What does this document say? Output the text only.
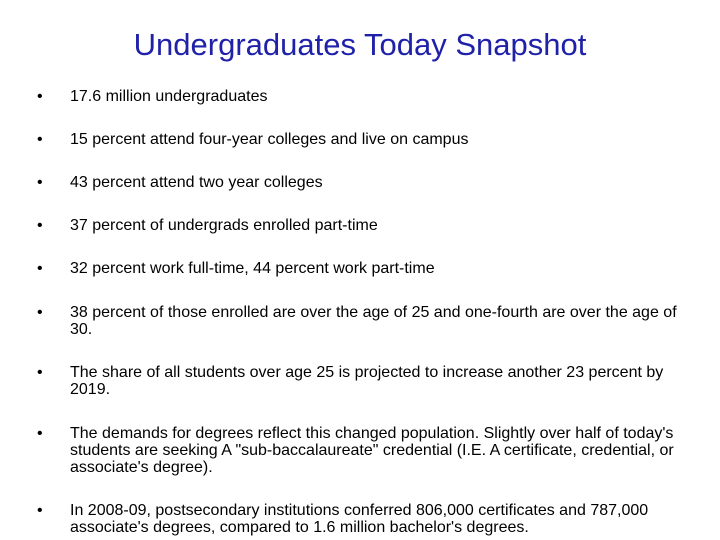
Undergraduates Today Snapshot
• 17.6 million undergraduates
• 15 percent attend four-year colleges and live on campus
• 43 percent attend two year colleges
• 37 percent of undergrads enrolled part-time
• 32 percent work full-time, 44 percent work part-time
• 38 percent of those enrolled are over the age of 25 and one-fourth are over the age of 30.
• The share of all students over age 25 is projected to increase another 23 percent by 2019.
• The demands for degrees reflect this changed population. Slightly over half of today's students are seeking A "sub-baccalaureate" credential (I.E. A certificate, credential, or associate's degree).
• In 2008-09, postsecondary institutions conferred 806,000 certificates and 787,000 associate's degrees, compared to 1.6 million bachelor's degrees.
